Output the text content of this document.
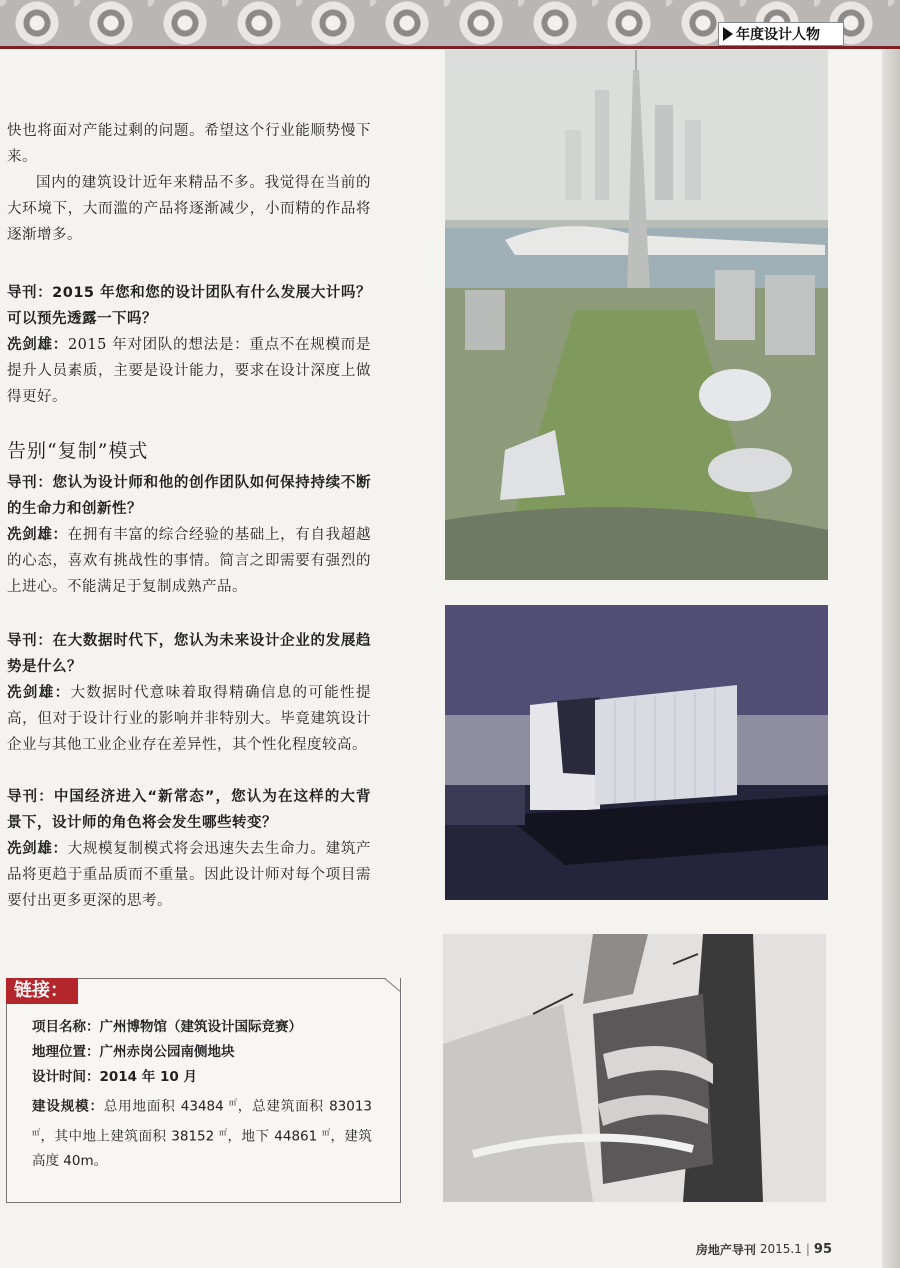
年度设计人物

快也将面对产能过剩的问题。希望这个行业能顺势慢下来。

国内的建筑设计近年来精品不多。我觉得在当前的大环境下，大而滥的产品将逐渐减少，小而精的作品将逐渐增多。

导刊：2015 年您和您的设计团队有什么发展大计吗？可以预先透露一下吗？

冼剑雄：2015 年对团队的想法是：重点不在规模而是提升人员素质，主要是设计能力，要求在设计深度上做得更好。

告别“复制”模式

导刊：您认为设计师和他的创作团队如何保持持续不断的生命力和创新性？

冼剑雄：在拥有丰富的综合经验的基础上，有自我超越的心态，喜欢有挑战性的事情。简言之即需要有强烈的上进心。不能满足于复制成熟产品。

导刊：在大数据时代下，您认为未来设计企业的发展趋势是什么？

冼剑雄：大数据时代意味着取得精确信息的可能性提高，但对于设计行业的影响并非特别大。毕竟建筑设计企业与其他工业企业存在差异性，其个性化程度较高。

导刊：中国经济进入“新常态”，您认为在这样的大背景下，设计师的角色将会发生哪些转变？

冼剑雄：大规模复制模式将会迅速失去生命力。建筑产品将更趋于重品质而不重量。因此设计师对每个项目需要付出更多更深的思考。

链接：
项目名称：广州博物馆（建筑设计国际竞赛）
地理位置：广州赤岗公园南侧地块
设计时间：2014 年 10 月
建设规模：总用地面积 43484 ㎡，总建筑面积 83013 ㎡，其中地上建筑面积 38152 ㎡，地下 44861 ㎡，建筑高度 40m。
房地产导刊 2015.1 | 95
